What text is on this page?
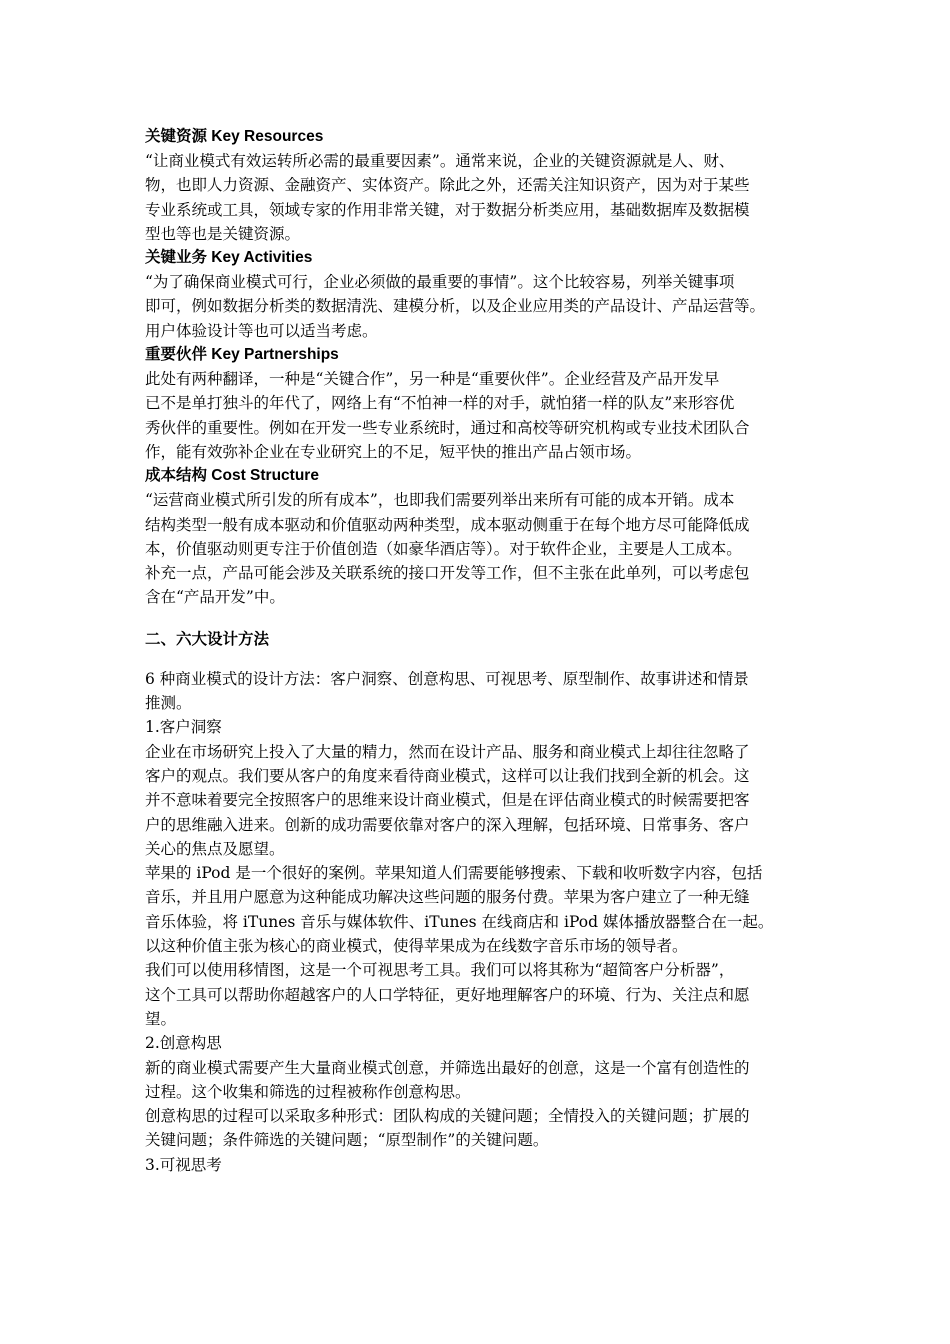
关键资源 Key Resources
“让商业模式有效运转所必需的最重要因素”。通常来说，企业的关键资源就是人、财、
物，也即人力资源、金融资产、实体资产。除此之外，还需关注知识资产，因为对于某些
专业系统或工具，领域专家的作用非常关键，对于数据分析类应用，基础数据库及数据模
型也等也是关键资源。
关键业务 Key Activities
“为了确保商业模式可行，企业必须做的最重要的事情”。这个比较容易，列举关键事项
即可，例如数据分析类的数据清洗、建模分析，以及企业应用类的产品设计、产品运营等。
用户体验设计等也可以适当考虑。
重要伙伴 Key Partnerships
此处有两种翻译，一种是“关键合作”，另一种是“重要伙伴”。企业经营及产品开发早
已不是单打独斗的年代了，网络上有“不怕神一样的对手，就怕猪一样的队友”来形容优
秀伙伴的重要性。例如在开发一些专业系统时，通过和高校等研究机构或专业技术团队合
作，能有效弥补企业在专业研究上的不足，短平快的推出产品占领市场。
成本结构 Cost Structure
“运营商业模式所引发的所有成本”，也即我们需要列举出来所有可能的成本开销。成本
结构类型一般有成本驱动和价值驱动两种类型，成本驱动侧重于在每个地方尽可能降低成
本，价值驱动则更专注于价值创造（如豪华酒店等）。对于软件企业，主要是人工成本。
补充一点，产品可能会涉及关联系统的接口开发等工作，但不主张在此单列，可以考虑包
含在“产品开发”中。
二、六大设计方法
6 种商业模式的设计方法：客户洞察、创意构思、可视思考、原型制作、故事讲述和情景
推测。
1.客户洞察
企业在市场研究上投入了大量的精力，然而在设计产品、服务和商业模式上却往往忽略了
客户的观点。我们要从客户的角度来看待商业模式，这样可以让我们找到全新的机会。这
并不意味着要完全按照客户的思维来设计商业模式，但是在评估商业模式的时候需要把客
户的思维融入进来。创新的成功需要依靠对客户的深入理解，包括环境、日常事务、客户
关心的焦点及愿望。
苹果的 iPod 是一个很好的案例。苹果知道人们需要能够搜索、下载和收听数字内容，包括
音乐，并且用户愿意为这种能成功解决这些问题的服务付费。苹果为客户建立了一种无缝
音乐体验，将 iTunes 音乐与媒体软件、iTunes 在线商店和 iPod 媒体播放器整合在一起。
以这种价值主张为核心的商业模式，使得苹果成为在线数字音乐市场的领导者。
我们可以使用移情图，这是一个可视思考工具。我们可以将其称为“超简客户分析器”，
这个工具可以帮助你超越客户的人口学特征，更好地理解客户的环境、行为、关注点和愿
望。
2.创意构思
新的商业模式需要产生大量商业模式创意，并筛选出最好的创意，这是一个富有创造性的
过程。这个收集和筛选的过程被称作创意构思。
创意构思的过程可以采取多种形式：团队构成的关键问题；全情投入的关键问题；扩展的
关键问题；条件筛选的关键问题；“原型制作”的关键问题。
3.可视思考
